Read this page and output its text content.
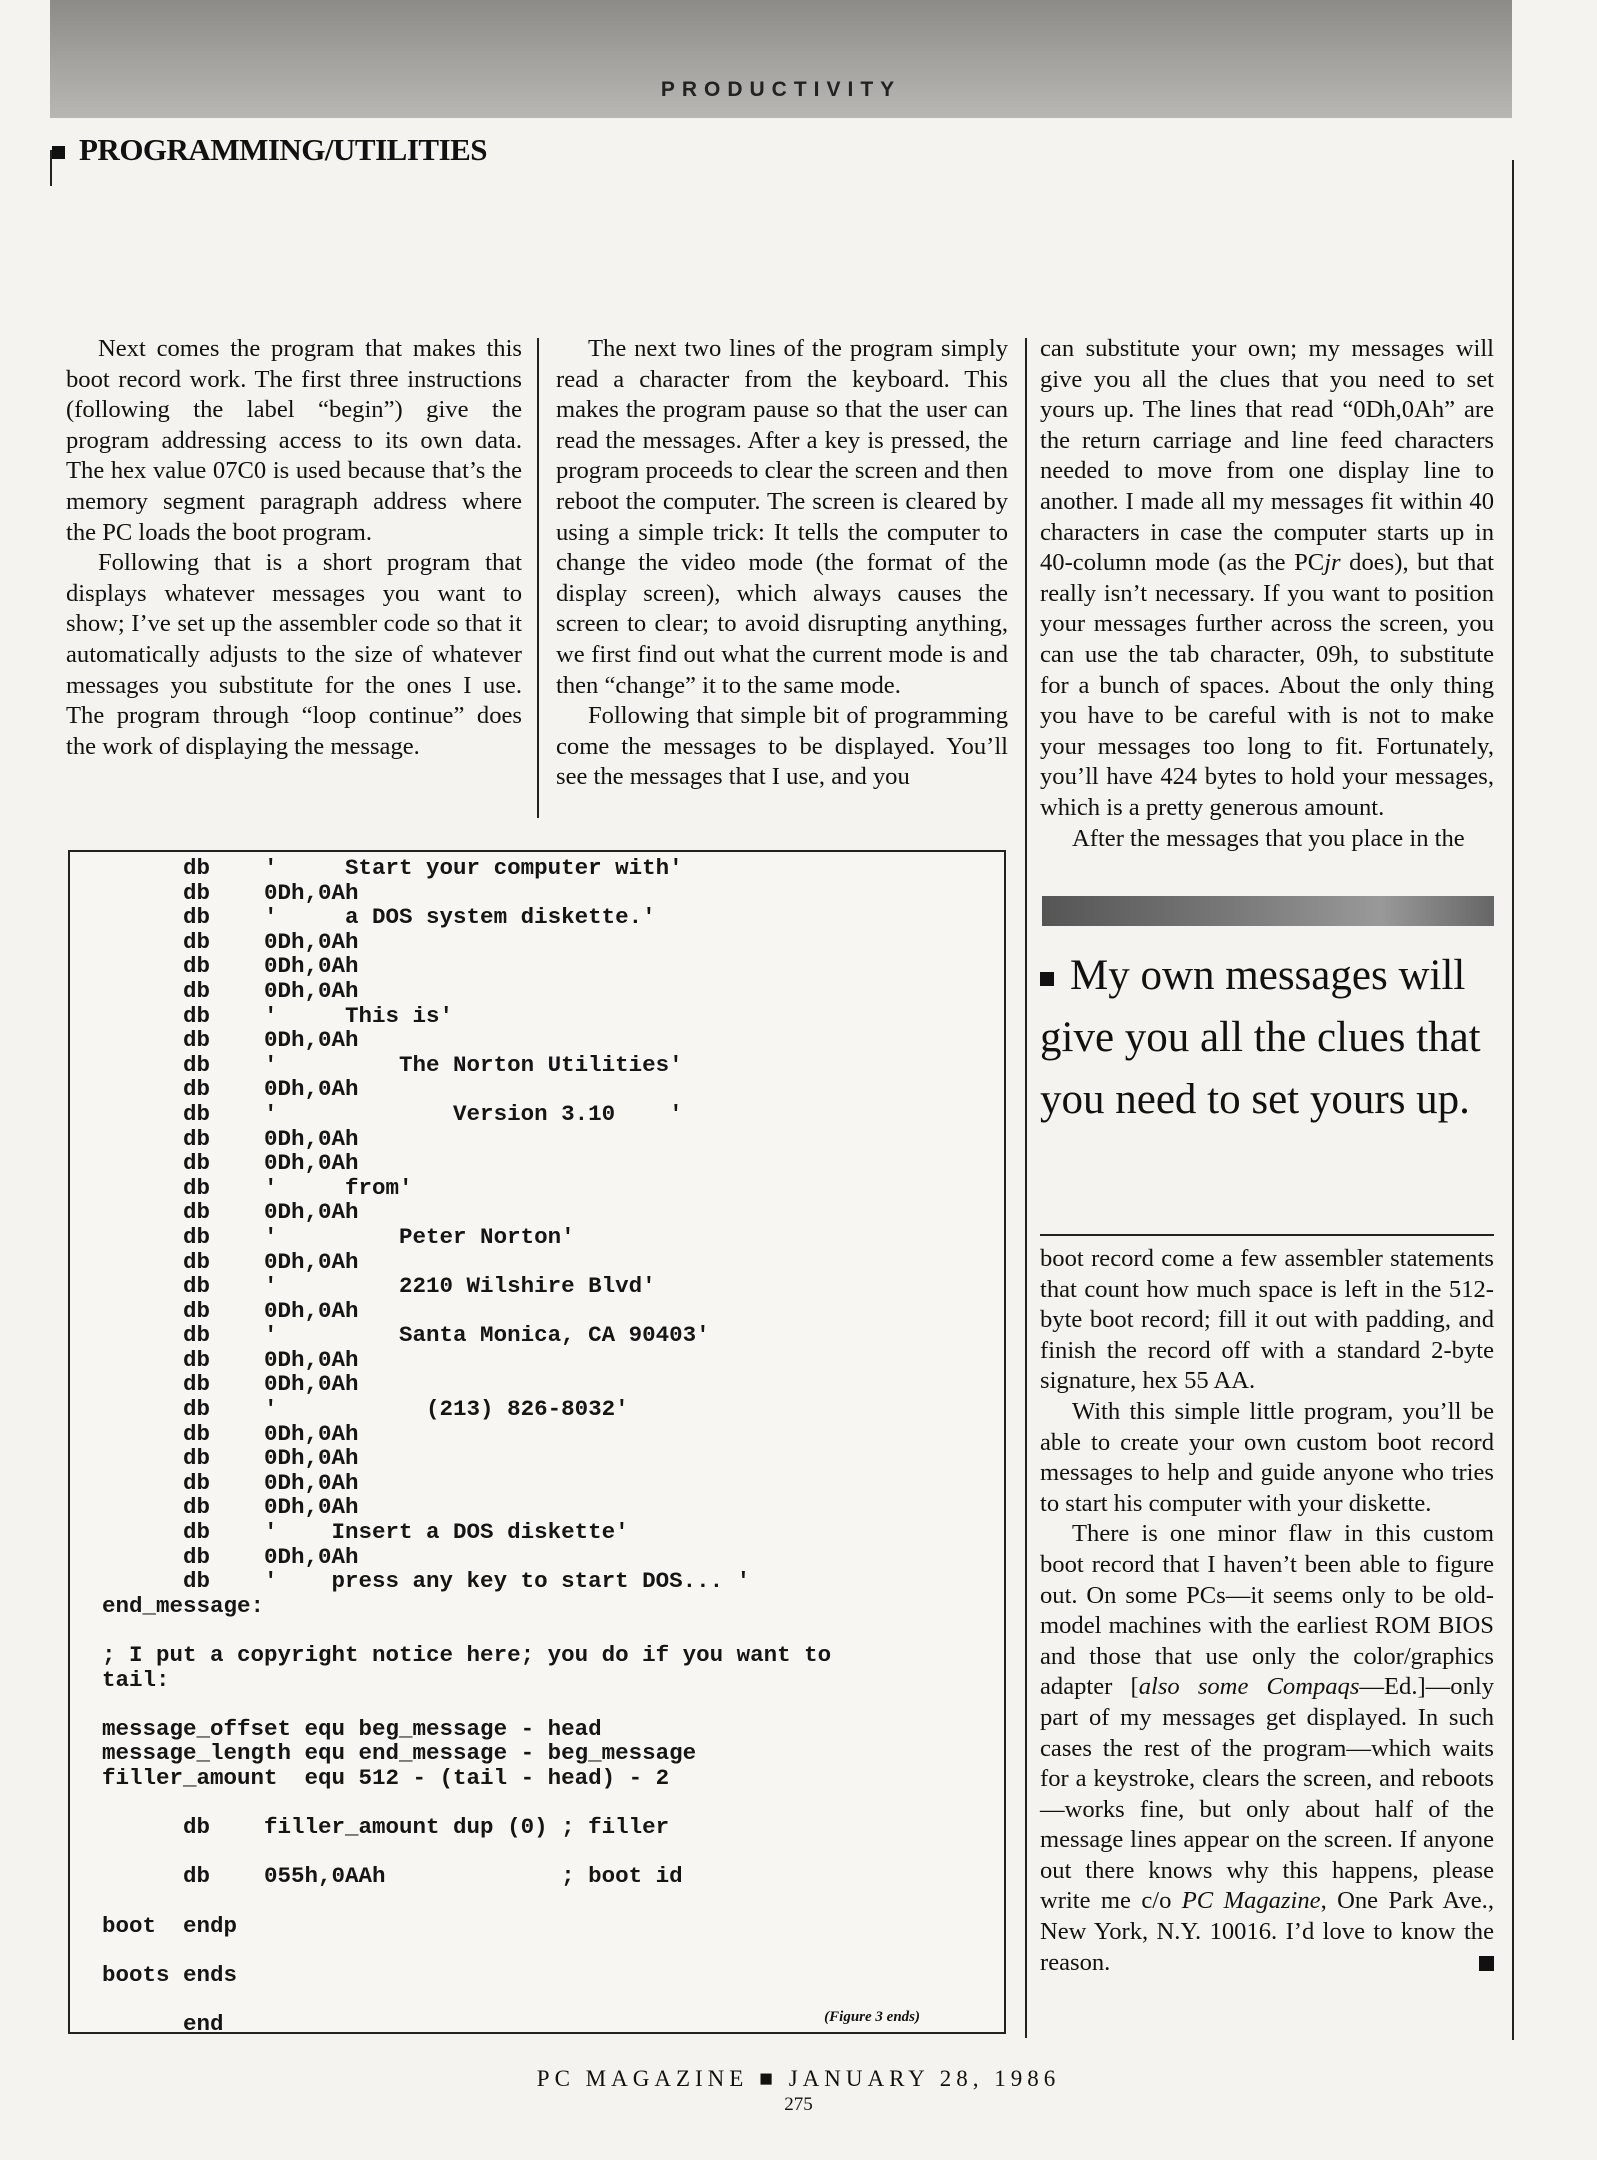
PRODUCTIVITY
PROGRAMMING/UTILITIES

Next comes the program that makes this boot record work. The first three instructions (following the label “begin”) give the program addressing access to its own data. The hex value 07C0 is used because that’s the memory segment paragraph address where the PC loads the boot program.

Following that is a short program that displays whatever messages you want to show; I’ve set up the assembler code so that it automatically adjusts to the size of whatever messages you substitute for the ones I use. The program through “loop continue” does the work of displaying the message.

The next two lines of the program simply read a character from the keyboard. This makes the program pause so that the user can read the messages. After a key is pressed, the program proceeds to clear the screen and then reboot the computer. The screen is cleared by using a simple trick: It tells the computer to change the video mode (the format of the display screen), which always causes the screen to clear; to avoid disrupting anything, we first find out what the current mode is and then “change” it to the same mode.

Following that simple bit of programming come the messages to be displayed. You’ll see the messages that I use, and you

can substitute your own; my messages will give you all the clues that you need to set yours up. The lines that read “0Dh,0Ah” are the return carriage and line feed characters needed to move from one display line to another. I made all my messages fit within 40 characters in case the computer starts up in 40-column mode (as the PCjr does), but that really isn’t necessary. If you want to position your messages further across the screen, you can use the tab character, 09h, to substitute for a bunch of spaces. About the only thing you have to be careful with is not to make your messages too long to fit. Fortunately, you’ll have 424 bytes to hold your messages, which is a pretty generous amount.

After the messages that you place in the

My own messages will give you all the clues that you need to set yours up.

boot record come a few assembler statements that count how much space is left in the 512-byte boot record; fill it out with padding, and finish the record off with a standard 2-byte signature, hex 55 AA.

With this simple little program, you’ll be able to create your own custom boot record messages to help and guide anyone who tries to start his computer with your diskette.

There is one minor flaw in this custom boot record that I haven’t been able to figure out. On some PCs—it seems only to be old-model machines with the earliest ROM BIOS and those that use only the color/graphics adapter [also some Compaqs—Ed.]—only part of my messages get displayed. In such cases the rest of the program—which waits for a keystroke, clears the screen, and reboots—works fine, but only about half of the message lines appear on the screen. If anyone out there knows why this happens, please write me c/o PC Magazine, One Park Ave., New York, N.Y. 10016. I’d love to know the reason.

db    '     Start your computer with'
db    0Dh,0Ah
db    '     a DOS system diskette.'
db    0Dh,0Ah
db    0Dh,0Ah
db    0Dh,0Ah
db    '     This is'
db    0Dh,0Ah
db    '         The Norton Utilities'
db    0Dh,0Ah
db    '             Version 3.10    '
db    0Dh,0Ah
db    0Dh,0Ah
db    '     from'
db    0Dh,0Ah
db    '         Peter Norton'
db    0Dh,0Ah
db    '         2210 Wilshire Blvd'
db    0Dh,0Ah
db    '         Santa Monica, CA 90403'
db    0Dh,0Ah
db    0Dh,0Ah
db    '           (213) 826-8032'
db    0Dh,0Ah
db    0Dh,0Ah
db    0Dh,0Ah
db    0Dh,0Ah
db    '    Insert a DOS diskette'
db    0Dh,0Ah
db    '    press any key to start DOS... '
end_message:

; I put a copyright notice here; you do if you want to
tail:

message_offset equ beg_message - head
message_length equ end_message - beg_message
filler_amount  equ 512 - (tail - head) - 2

db    filler_amount dup (0) ; filler

db    055h,0AAh             ; boot id

boot  endp

boots ends

end	(Figure 3 ends)
PC MAGAZINE ■ JANUARY 28, 1986
275
